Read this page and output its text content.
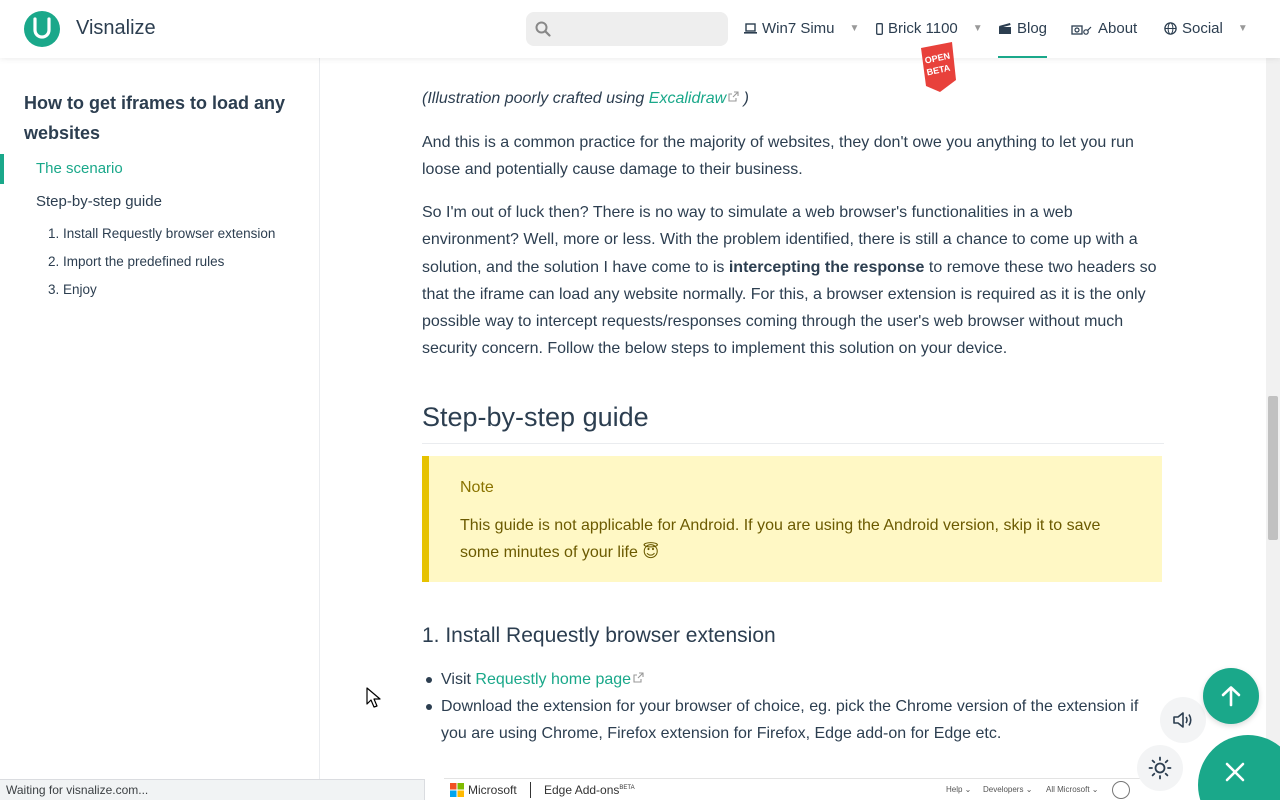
Visnalize	Win7 Simu ▼ Brick 1100 ▼ Blog	About	Social ▼
OPEN
BETA
How to get iframes to load any websites
The scenario
Step-by-step guide
1. Install Requestly browser extension
2. Import the predefined rules
3. Enjoy
(Illustration poorly crafted using Excalidraw )
And this is a common practice for the majority of websites, they don't owe you anything to let you run loose and potentially cause damage to their business.
So I'm out of luck then? There is no way to simulate a web browser's functionalities in a web environment? Well, more or less. With the problem identified, there is still a chance to come up with a solution, and the solution I have come to is intercepting the response to remove these two headers so that the iframe can load any website normally. For this, a browser extension is required as it is the only possible way to intercept requests/responses coming through the user's web browser without much security concern. Follow the below steps to implement this solution on your device.
Step-by-step guide
Note
This guide is not applicable for Android. If you are using the Android version, skip it to save some minutes of your life 😇
1. Install Requestly browser extension
Visit Requestly home page
Download the extension for your browser of choice, eg. pick the Chrome version of the extension if you are using Chrome, Firefox extension for Firefox, Edge add-on for Edge etc.
Microsoft Edge Add-ons$^{BETA}$	Help ⌄ Developers ⌄ All Microsoft ⌄
Waiting for visnalize.com...
